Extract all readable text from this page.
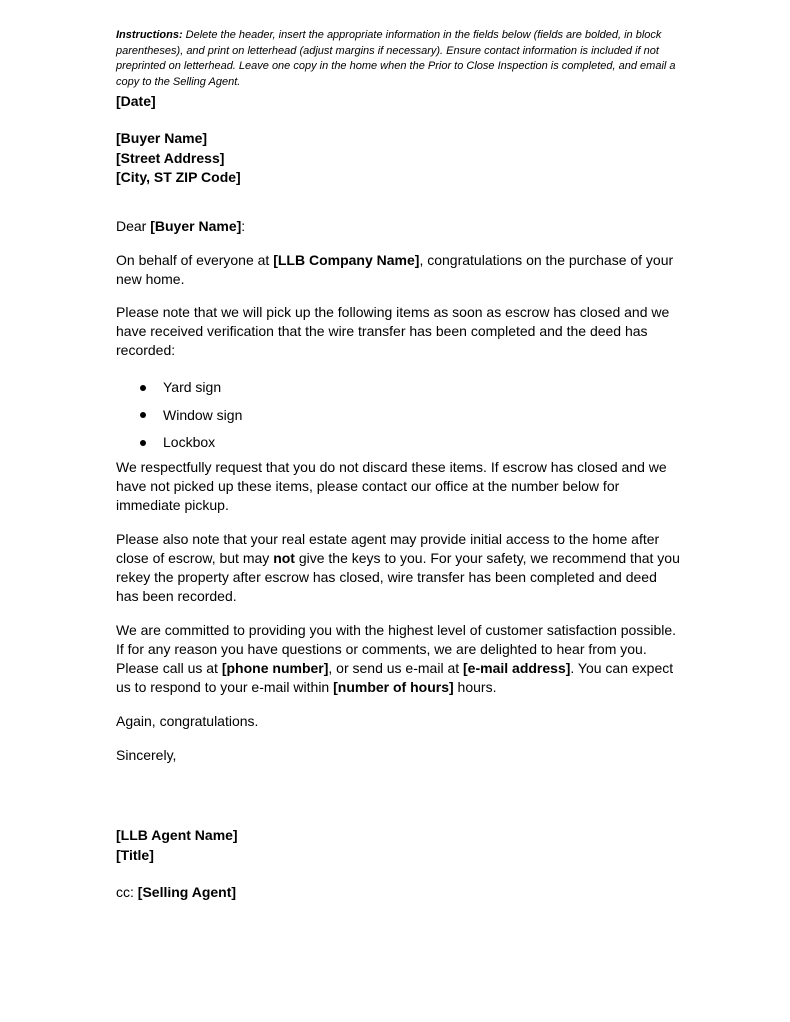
Instructions: Delete the header, insert the appropriate information in the fields below (fields are bolded, in block parentheses), and print on letterhead (adjust margins if necessary). Ensure contact information is included if not preprinted on letterhead. Leave one copy in the home when the Prior to Close Inspection is completed, and email a copy to the Selling Agent.

[Date]
[Buyer Name]
[Street Address]
[City, ST ZIP Code]

Dear [Buyer Name]:

On behalf of everyone at [LLB Company Name], congratulations on the purchase of your new home.

Please note that we will pick up the following items as soon as escrow has closed and we have received verification that the wire transfer has been completed and the deed has recorded:

Yard sign
Window sign
Lockbox

We respectfully request that you do not discard these items. If escrow has closed and we have not picked up these items, please contact our office at the number below for immediate pickup.

Please also note that your real estate agent may provide initial access to the home after close of escrow, but may not give the keys to you. For your safety, we recommend that you rekey the property after escrow has closed, wire transfer has been completed and deed has been recorded.

We are committed to providing you with the highest level of customer satisfaction possible. If for any reason you have questions or comments, we are delighted to hear from you. Please call us at [phone number], or send us e-mail at [e-mail address]. You can expect us to respond to your e-mail within [number of hours] hours.

Again, congratulations.

Sincerely,

[LLB Agent Name]
[Title]

cc: [Selling Agent]
